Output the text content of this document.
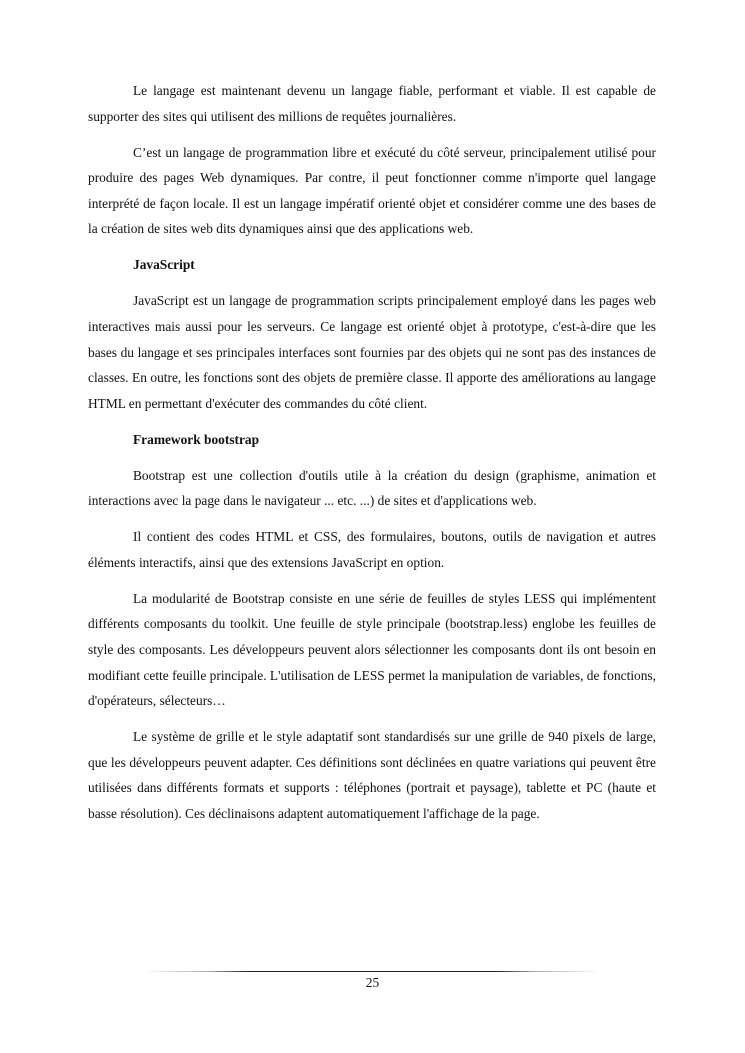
Le langage est maintenant devenu un langage fiable, performant et viable. Il est capable de supporter des sites qui utilisent des millions de requêtes journalières.

C’est un langage de programmation libre et exécuté du côté serveur, principalement utilisé pour produire des pages Web dynamiques. Par contre, il peut fonctionner comme n'importe quel langage interprété de façon locale. Il est un langage impératif orienté objet et considérer comme une des bases de la création de sites web dits dynamiques ainsi que des applications web.

JavaScript

JavaScript est un langage de programmation scripts principalement employé dans les pages web interactives mais aussi pour les serveurs. Ce langage est orienté objet à prototype, c'est-à-dire que les bases du langage et ses principales interfaces sont fournies par des objets qui ne sont pas des instances de classes. En outre, les fonctions sont des objets de première classe. Il apporte des améliorations au langage HTML en permettant d'exécuter des commandes du côté client.

Framework bootstrap

Bootstrap est une collection d'outils utile à la création du design (graphisme, animation et interactions avec la page dans le navigateur ... etc. ...) de sites et d'applications web.

Il contient des codes HTML et CSS, des formulaires, boutons, outils de navigation et autres éléments interactifs, ainsi que des extensions JavaScript en option.

La modularité de Bootstrap consiste en une série de feuilles de styles LESS qui implémentent différents composants du toolkit. Une feuille de style principale (bootstrap.less) englobe les feuilles de style des composants. Les développeurs peuvent alors sélectionner les composants dont ils ont besoin en modifiant cette feuille principale. L'utilisation de LESS permet la manipulation de variables, de fonctions, d'opérateurs, sélecteurs…

Le système de grille et le style adaptatif sont standardisés sur une grille de 940 pixels de large, que les développeurs peuvent adapter. Ces définitions sont déclinées en quatre variations qui peuvent être utilisées dans différents formats et supports : téléphones (portrait et paysage), tablette et PC (haute et basse résolution). Ces déclinaisons adaptent automatiquement l'affichage de la page.

25
